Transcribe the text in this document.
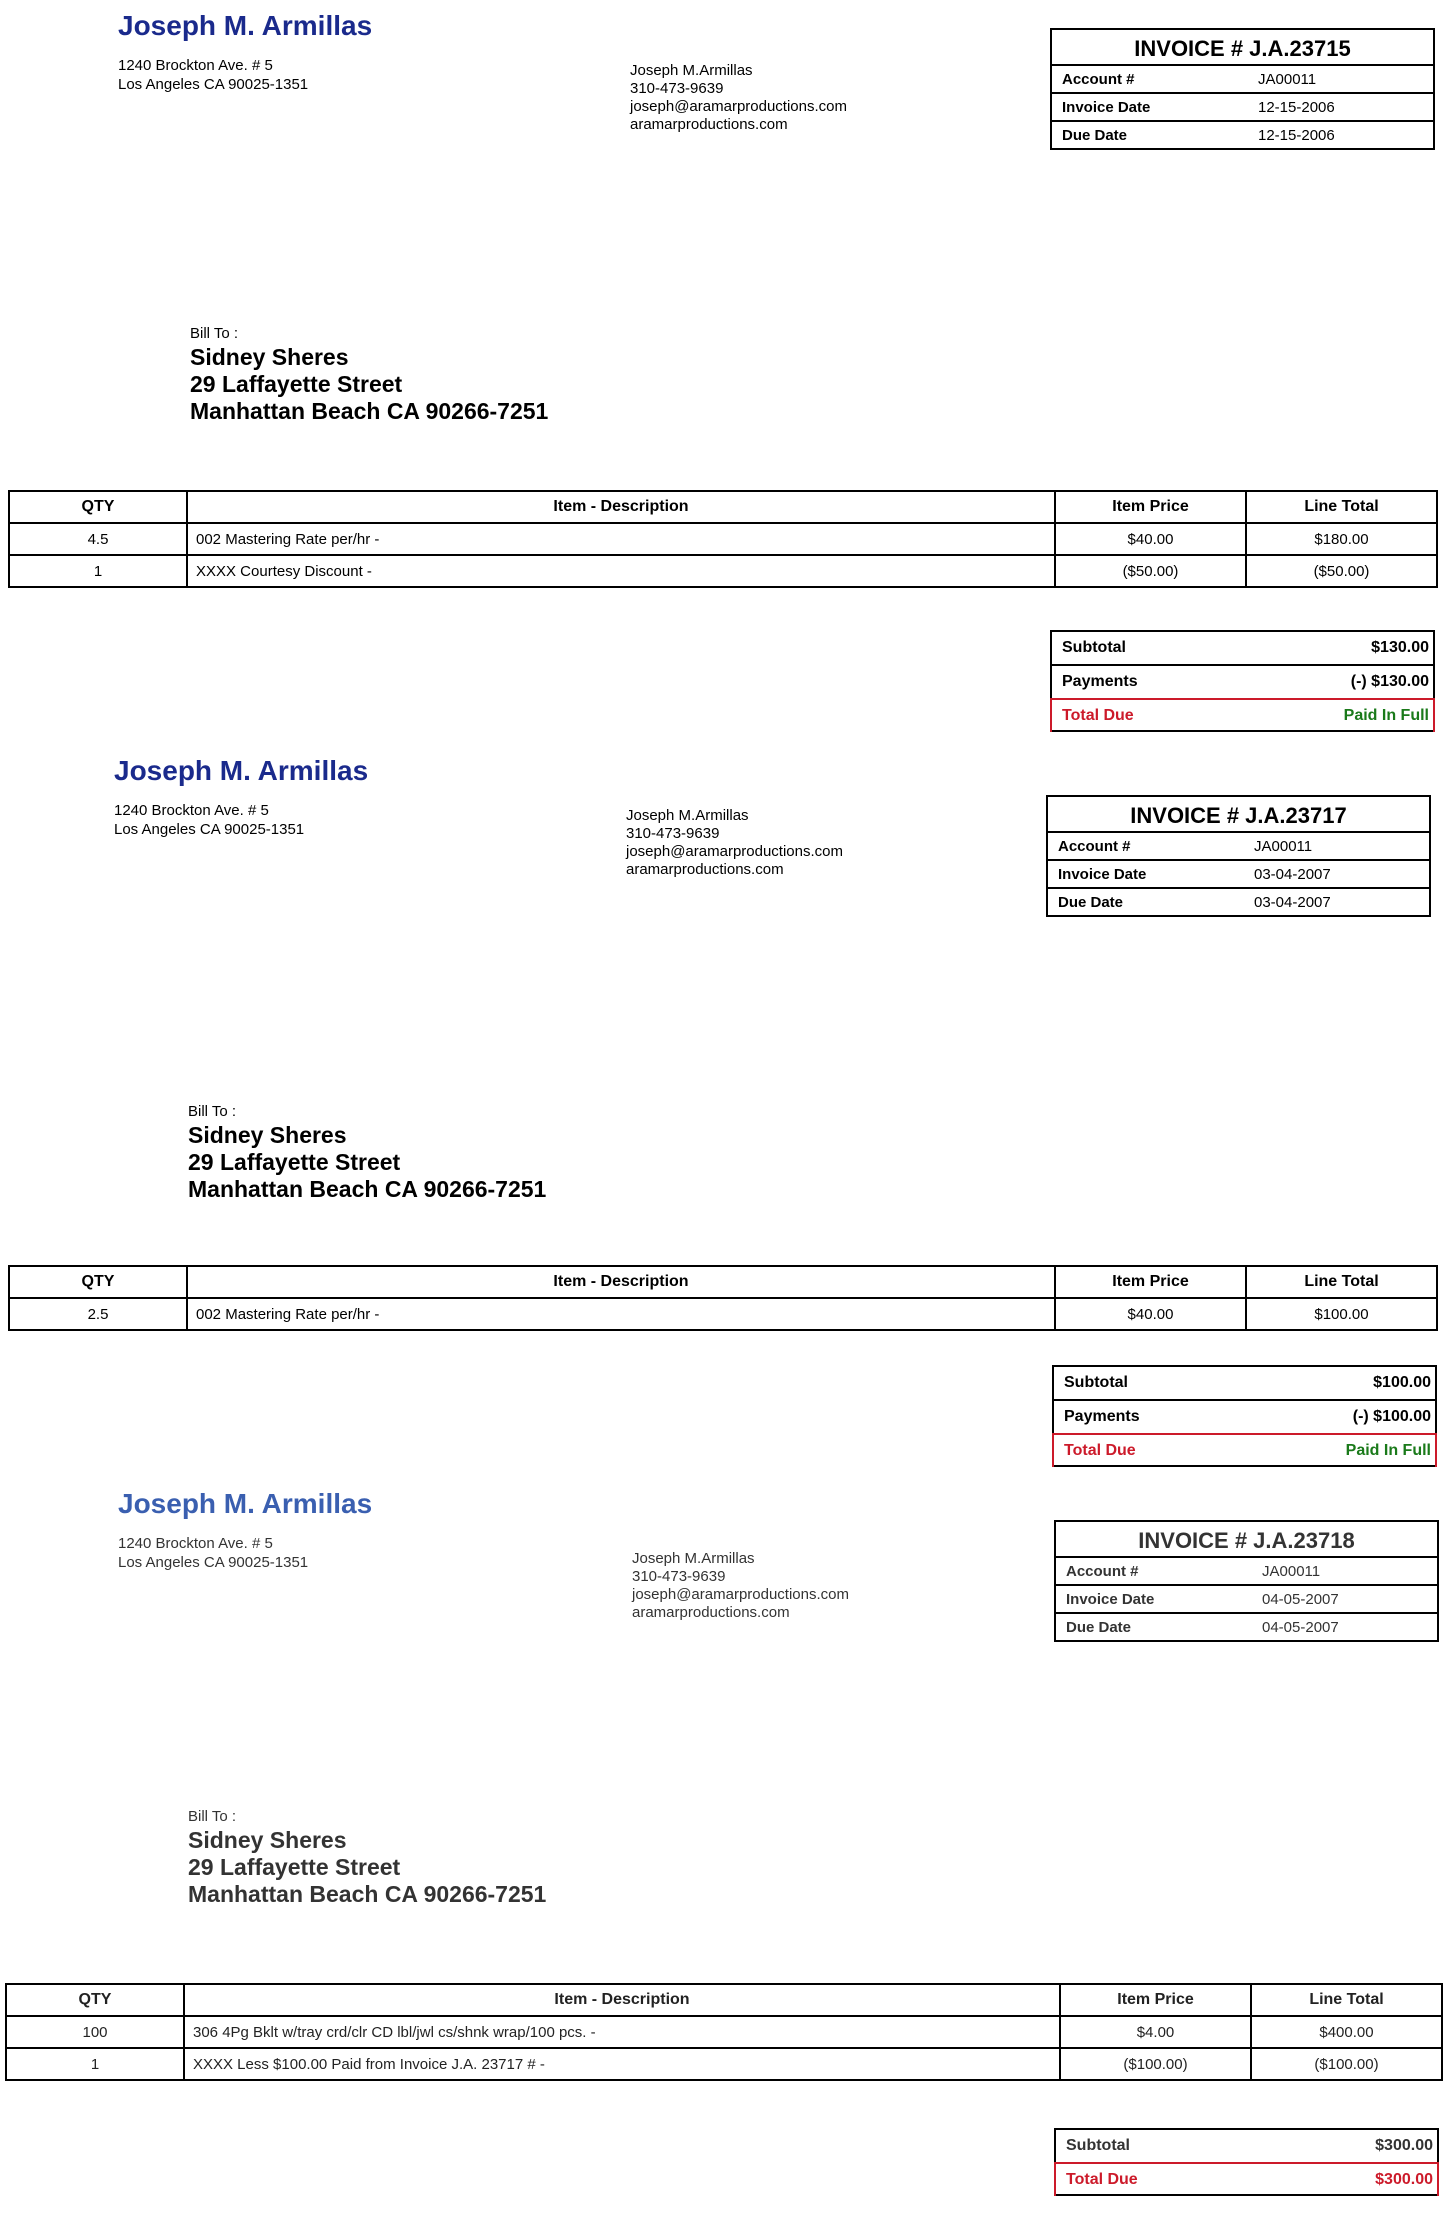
Joseph M. Armillas
1240 Brockton Ave. # 5
Los Angeles CA 90025-1351
Joseph M.Armillas
310-473-9639
joseph@aramarproductions.com
aramarproductions.com
INVOICE # J.A.23715
Account #	JA00011
Invoice Date	12-15-2006
Due Date	12-15-2006
Bill To :
Sidney Sheres
29 Laffayette Street
Manhattan Beach CA 90266-7251
QTY	Item - Description	Item Price	Line Total
4.5	002 Mastering Rate per/hr -	$40.00	$180.00
1	XXXX Courtesy Discount -	($50.00)	($50.00)
Subtotal	$130.00
Payments	(-) $130.00
Total Due	Paid In Full
Joseph M. Armillas
1240 Brockton Ave. # 5
Los Angeles CA 90025-1351
Joseph M.Armillas
310-473-9639
joseph@aramarproductions.com
aramarproductions.com
INVOICE # J.A.23717
Account #	JA00011
Invoice Date	03-04-2007
Due Date	03-04-2007
Bill To :
Sidney Sheres
29 Laffayette Street
Manhattan Beach CA 90266-7251
QTY	Item - Description	Item Price	Line Total
2.5	002 Mastering Rate per/hr -	$40.00	$100.00
Subtotal	$100.00
Payments	(-) $100.00
Total Due	Paid In Full
Joseph M. Armillas
1240 Brockton Ave. # 5
Los Angeles CA 90025-1351	Joseph M.Armillas
310-473-9639
joseph@aramarproductions.com
aramarproductions.com
INVOICE # J.A.23718
Account #	JA00011
Invoice Date	04-05-2007
Due Date	04-05-2007
Bill To :
Sidney Sheres
29 Laffayette Street
Manhattan Beach CA 90266-7251
QTY	Item - Description	Item Price	Line Total
100	306 4Pg Bklt w/tray crd/clr CD lbl/jwl cs/shnk wrap/100 pcs. -	$4.00	$400.00
1	XXXX Less $100.00 Paid from Invoice J.A. 23717 # -	($100.00)	($100.00)
Subtotal	$300.00
Total Due	$300.00
